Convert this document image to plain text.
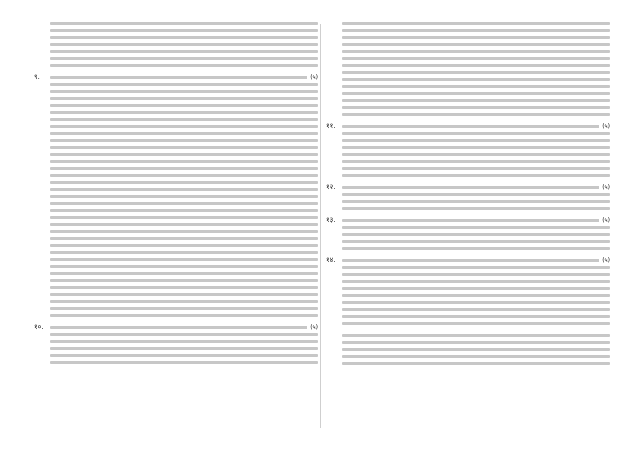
९.	(५)
१०.	(५)
११.	(५)
१२.	(५)
१३.	(५)
१४.	(५)
